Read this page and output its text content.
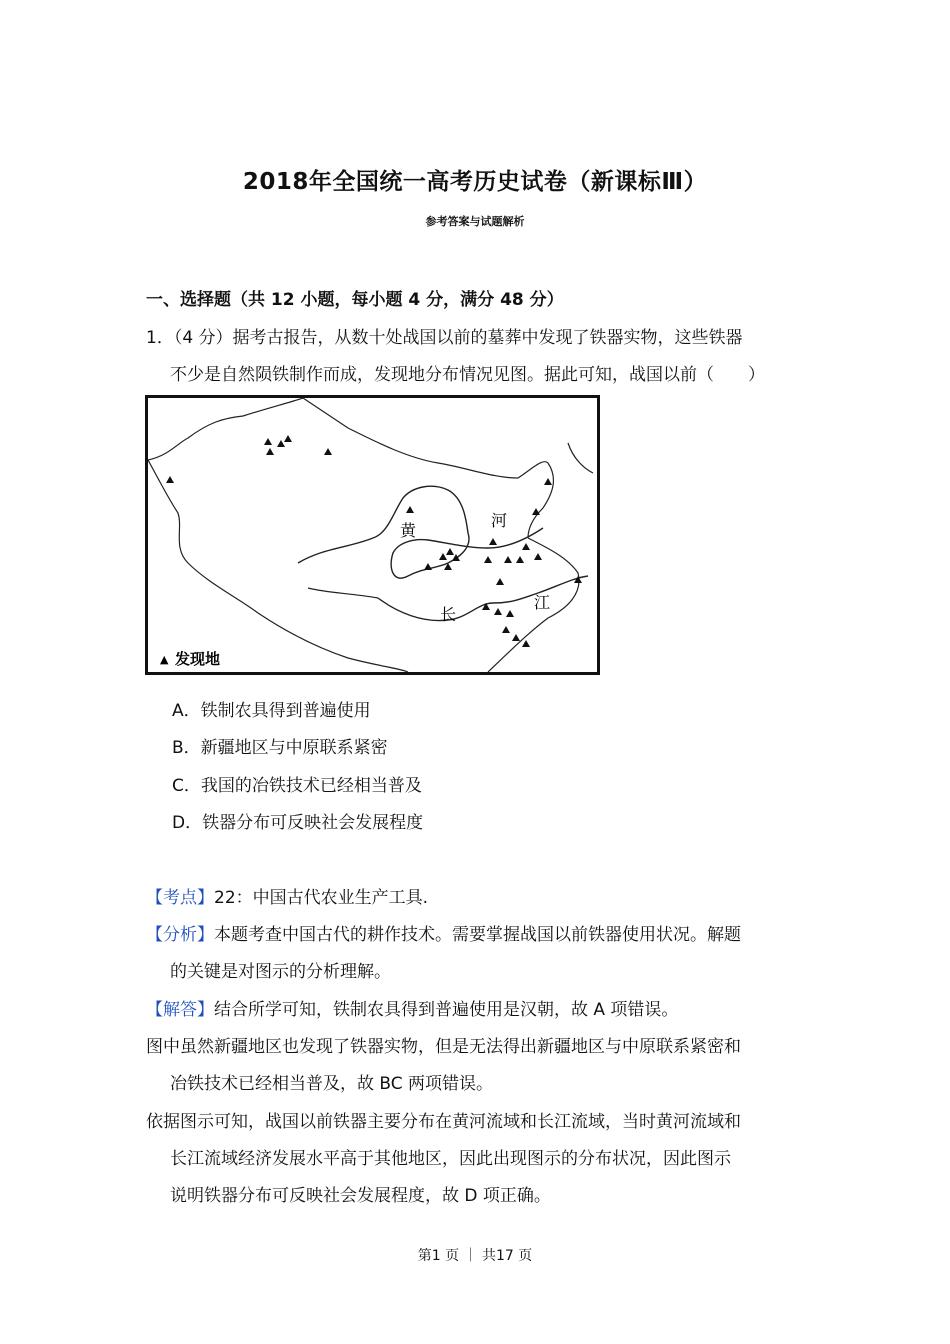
2018年全国统一高考历史试卷（新课标Ⅲ）
参考答案与试题解析
一、选择题（共 12 小题，每小题 4 分，满分 48 分）
1．（4 分）据考古报告，从数十处战国以前的墓葬中发现了铁器实物，这些铁器
不少是自然陨铁制作而成，发现地分布情况见图。据此可知，战国以前（　　）
黄
河
长
江
▲ 发现地
A．铁制农具得到普遍使用
B．新疆地区与中原联系紧密
C．我国的冶铁技术已经相当普及
D．铁器分布可反映社会发展程度
【考点】22：中国古代农业生产工具.
【分析】本题考查中国古代的耕作技术。需要掌握战国以前铁器使用状况。解题
的关键是对图示的分析理解。
【解答】结合所学可知，铁制农具得到普遍使用是汉朝，故 A 项错误。
图中虽然新疆地区也发现了铁器实物，但是无法得出新疆地区与中原联系紧密和
冶铁技术已经相当普及，故 BC 两项错误。
依据图示可知，战国以前铁器主要分布在黄河流域和长江流域，当时黄河流域和
长江流域经济发展水平高于其他地区，因此出现图示的分布状况，因此图示
说明铁器分布可反映社会发展程度，故 D 项正确。
第1 页 ｜ 共17 页
